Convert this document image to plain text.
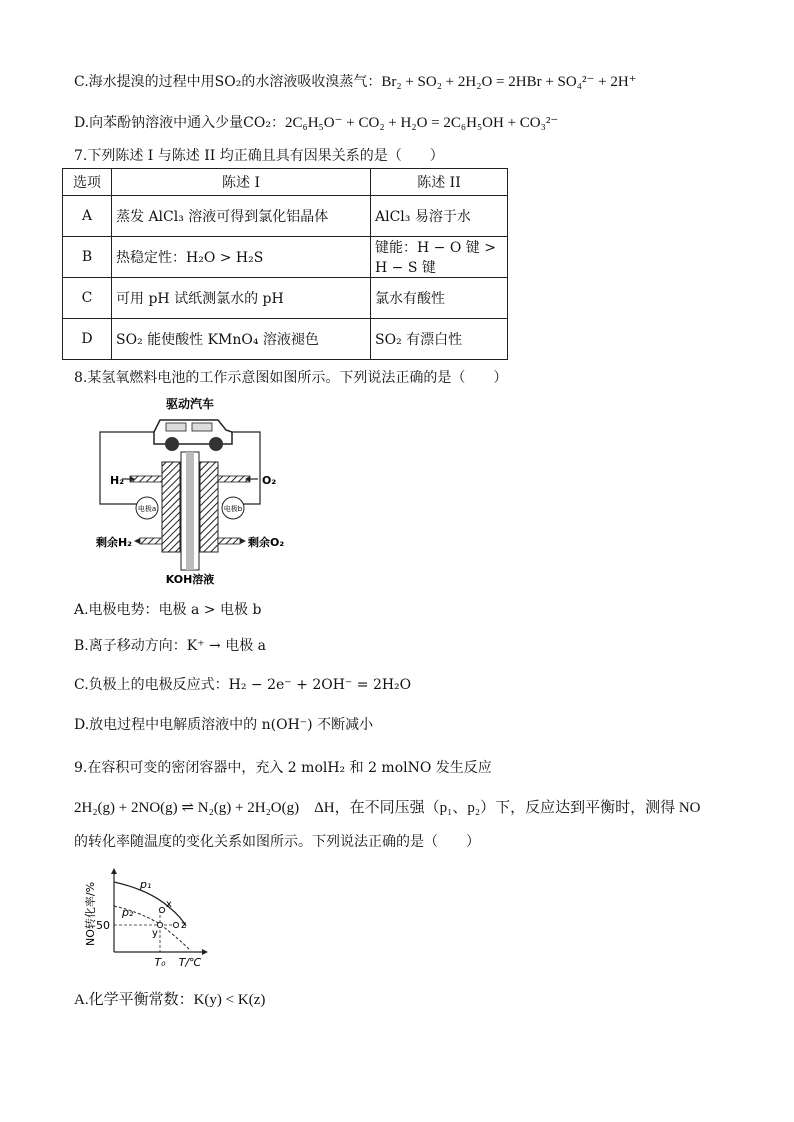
C.海水提溴的过程中用SO₂的水溶液吸收溴蒸气：Br₂ + SO₂ + 2H₂O = 2HBr + SO₄²⁻ + 2H⁺
D.向苯酚钠溶液中通入少量CO₂：2C₆H₅O⁻ + CO₂ + H₂O = 2C₆H₅OH + CO₃²⁻
7.下列陈述 I 与陈述 II 均正确且具有因果关系的是（　　）
选项	陈述 I	陈述 II
A	蒸发 AlCl₃ 溶液可得到氯化铝晶体	AlCl₃ 易溶于水
B	热稳定性：H₂O > H₂S	键能：H − O 键 > H − S 键
C	可用 pH 试纸测氯水的 pH	氯水有酸性
D	SO₂ 能使酸性 KMnO₄ 溶液褪色	SO₂ 有漂白性
8.某氢氧燃料电池的工作示意图如图所示。下列说法正确的是（　　）
驱动汽车
H₂	O₂
电极a	电极b
剩余H₂	剩余O₂
KOH溶液
A.电极电势：电极 a > 电极 b
B.离子移动方向：K⁺ → 电极 a
C.负极上的电极反应式：H₂ − 2e⁻ + 2OH⁻ = 2H₂O
D.放电过程中电解质溶液中的 n(OH⁻) 不断减小
9.在容积可变的密闭容器中，充入 2 molH₂ 和 2 molNO 发生反应
2H₂(g) + 2NO(g) ⇌ N₂(g) + 2H₂O(g)　ΔH，在不同压强（p₁、p₂）下，反应达到平衡时，测得 NO
的转化率随温度的变化关系如图所示。下列说法正确的是（　　）
NO转化率/% 50
x
y
z
p₁
p₂
T₀ T/℃
A.化学平衡常数：K(y) < K(z)
